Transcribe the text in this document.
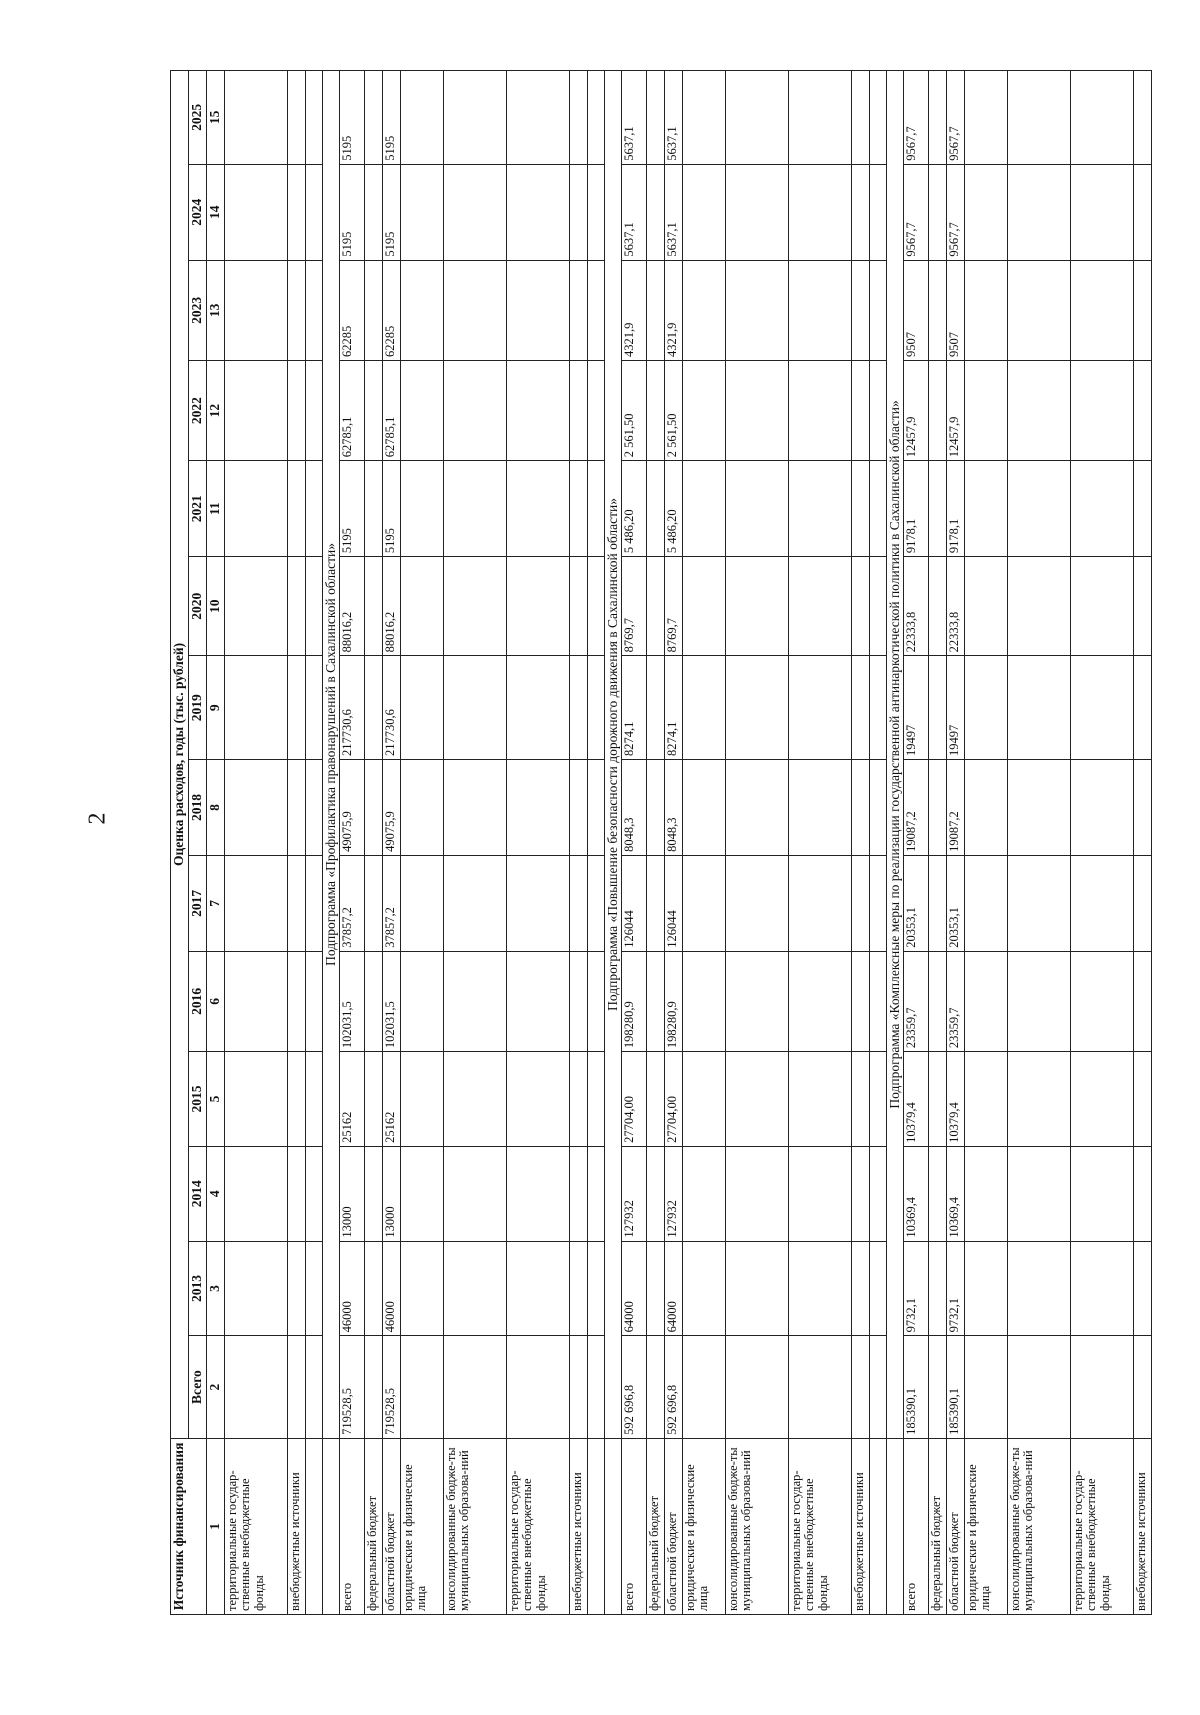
2
Источник финансирования	Оценка расходов, годы (тыс. рублей)													
	Всего	2013	2014	2015	2016	2017	2018	2019	2020	2021	2022	2023	2024	2025
1	2	3	4	5	6	7	8	9	10	11	12	13	14	15
территориальные государ-ственные внебюджетные фонды														
внебюджетные источники														

	Подпрограмма «Профилактика правонарушений в Сахалинской области»													
всего	719528,5	46000	13000	25162	102031,5	37857,2	49075,9	217730,6	88016,2	5195	62785,1	62285	5195	5195
федеральный бюджет														
областной бюджет	719528,5	46000	13000	25162	102031,5	37857,2	49075,9	217730,6	88016,2	5195	62785,1	62285	5195	5195
юридические и физические лица														
консолидированные бюдже-ты муниципальных образова-ний														
территориальные государ-ственные внебюджетные фонды														
внебюджетные источники														

	Подпрограмма «Повышение безопасности дорожного движения в Сахалинской области»													
всего	592 696,8	64000	127932	27704,00	198280,9	126044	8048,3	8274,1	8769,7	5 486,20	2 561,50	4321,9	5637,1	5637,1
федеральный бюджет														
областной бюджет	592 696,8	64000	127932	27704,00	198280,9	126044	8048,3	8274,1	8769,7	5 486,20	2 561,50	4321,9	5637,1	5637,1
юридические и физические лица														
консолидированные бюдже-ты муниципальных образова-ний														
территориальные государ-ственные внебюджетные фонды														
внебюджетные источники														

	Подпрограмма «Комплексные меры по реализации государственной антинаркотической политики в Сахалинской области»													
всего	185390,1	9732,1	10369,4	10379,4	23359,7	20353,1	19087,2	19497	22333,8	9178,1	12457,9	9507	9567,7	9567,7
федеральный бюджет														
областной бюджет	185390,1	9732,1	10369,4	10379,4	23359,7	20353,1	19087,2	19497	22333,8	9178,1	12457,9	9507	9567,7	9567,7
юридические и физические лица														
консолидированные бюдже-ты муниципальных образова-ний														
территориальные государ-ственные внебюджетные фонды														
внебюджетные источники														
